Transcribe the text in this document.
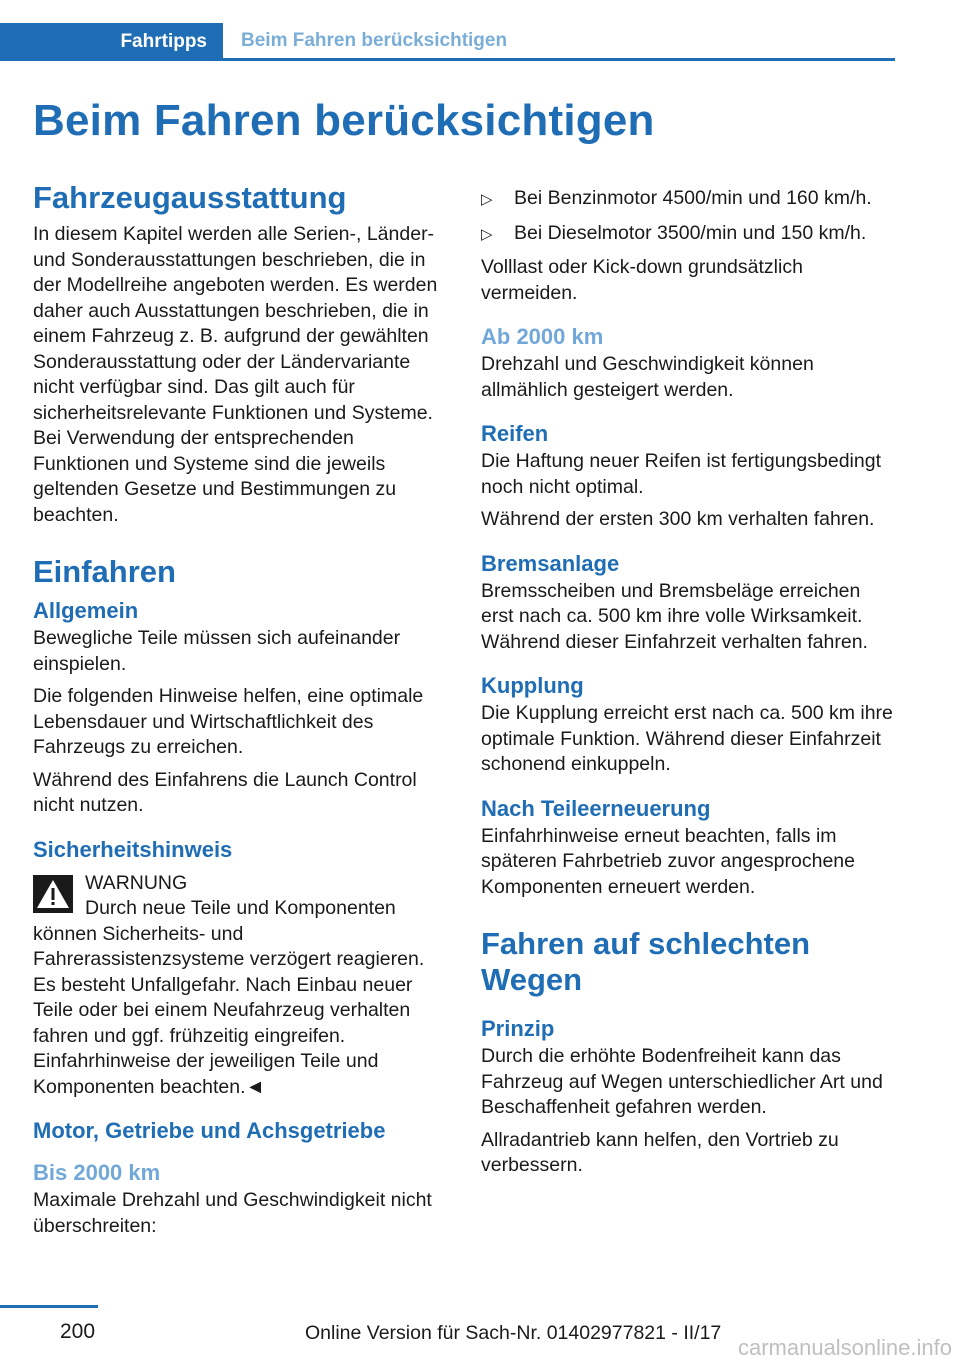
Fahrtipps	Beim Fahren berücksichtigen
Beim Fahren berücksichtigen
Fahrzeugausstattung

In diesem Kapitel werden alle Serien-, Länder- und Sonderausstattungen beschrieben, die in der Modellreihe angeboten werden. Es werden daher auch Ausstattungen beschrieben, die in einem Fahrzeug z. B. aufgrund der gewählten Sonderausstattung oder der Ländervariante nicht verfügbar sind. Das gilt auch für sicherheitsrelevante Funktionen und Systeme. Bei Verwendung der entsprechenden Funktionen und Systeme sind die jeweils geltenden Gesetze und Bestimmungen zu beachten.

Einfahren
Allgemein

Bewegliche Teile müssen sich aufeinander einspielen.

Die folgenden Hinweise helfen, eine optimale Lebensdauer und Wirtschaftlichkeit des Fahrzeugs zu erreichen.

Während des Einfahrens die Launch Control nicht nutzen.

Sicherheitshinweis

WARNUNG

Durch neue Teile und Komponenten können Sicherheits- und Fahrerassistenzsysteme verzögert reagieren. Es besteht Unfallgefahr. Nach Einbau neuer Teile oder bei einem Neufahrzeug verhalten fahren und ggf. frühzeitig eingreifen. Einfahrhinweise der jeweiligen Teile und Komponenten beachten.◄

Motor, Getriebe und Achsgetriebe
Bis 2000 km

Maximale Drehzahl und Geschwindigkeit nicht überschreiten:

▷	Bei Benzinmotor 4500/min und 160 km/h.
▷	Bei Dieselmotor 3500/min und 150 km/h.

Volllast oder Kick-down grundsätzlich vermeiden.

Ab 2000 km

Drehzahl und Geschwindigkeit können allmählich gesteigert werden.

Reifen

Die Haftung neuer Reifen ist fertigungsbedingt noch nicht optimal.

Während der ersten 300 km verhalten fahren.

Bremsanlage

Bremsscheiben und Bremsbeläge erreichen erst nach ca. 500 km ihre volle Wirksamkeit. Während dieser Einfahrzeit verhalten fahren.

Kupplung

Die Kupplung erreicht erst nach ca. 500 km ihre optimale Funktion. Während dieser Einfahrzeit schonend einkuppeln.

Nach Teileerneuerung

Einfahrhinweise erneut beachten, falls im späteren Fahrbetrieb zuvor angesprochene Komponenten erneuert werden.

Fahren auf schlechten Wegen
Prinzip

Durch die erhöhte Bodenfreiheit kann das Fahrzeug auf Wegen unterschiedlicher Art und Beschaffenheit gefahren werden.

Allradantrieb kann helfen, den Vortrieb zu verbessern.

200	Online Version für Sach-Nr. 01402977821 - II/17
carmanualsonline.info
